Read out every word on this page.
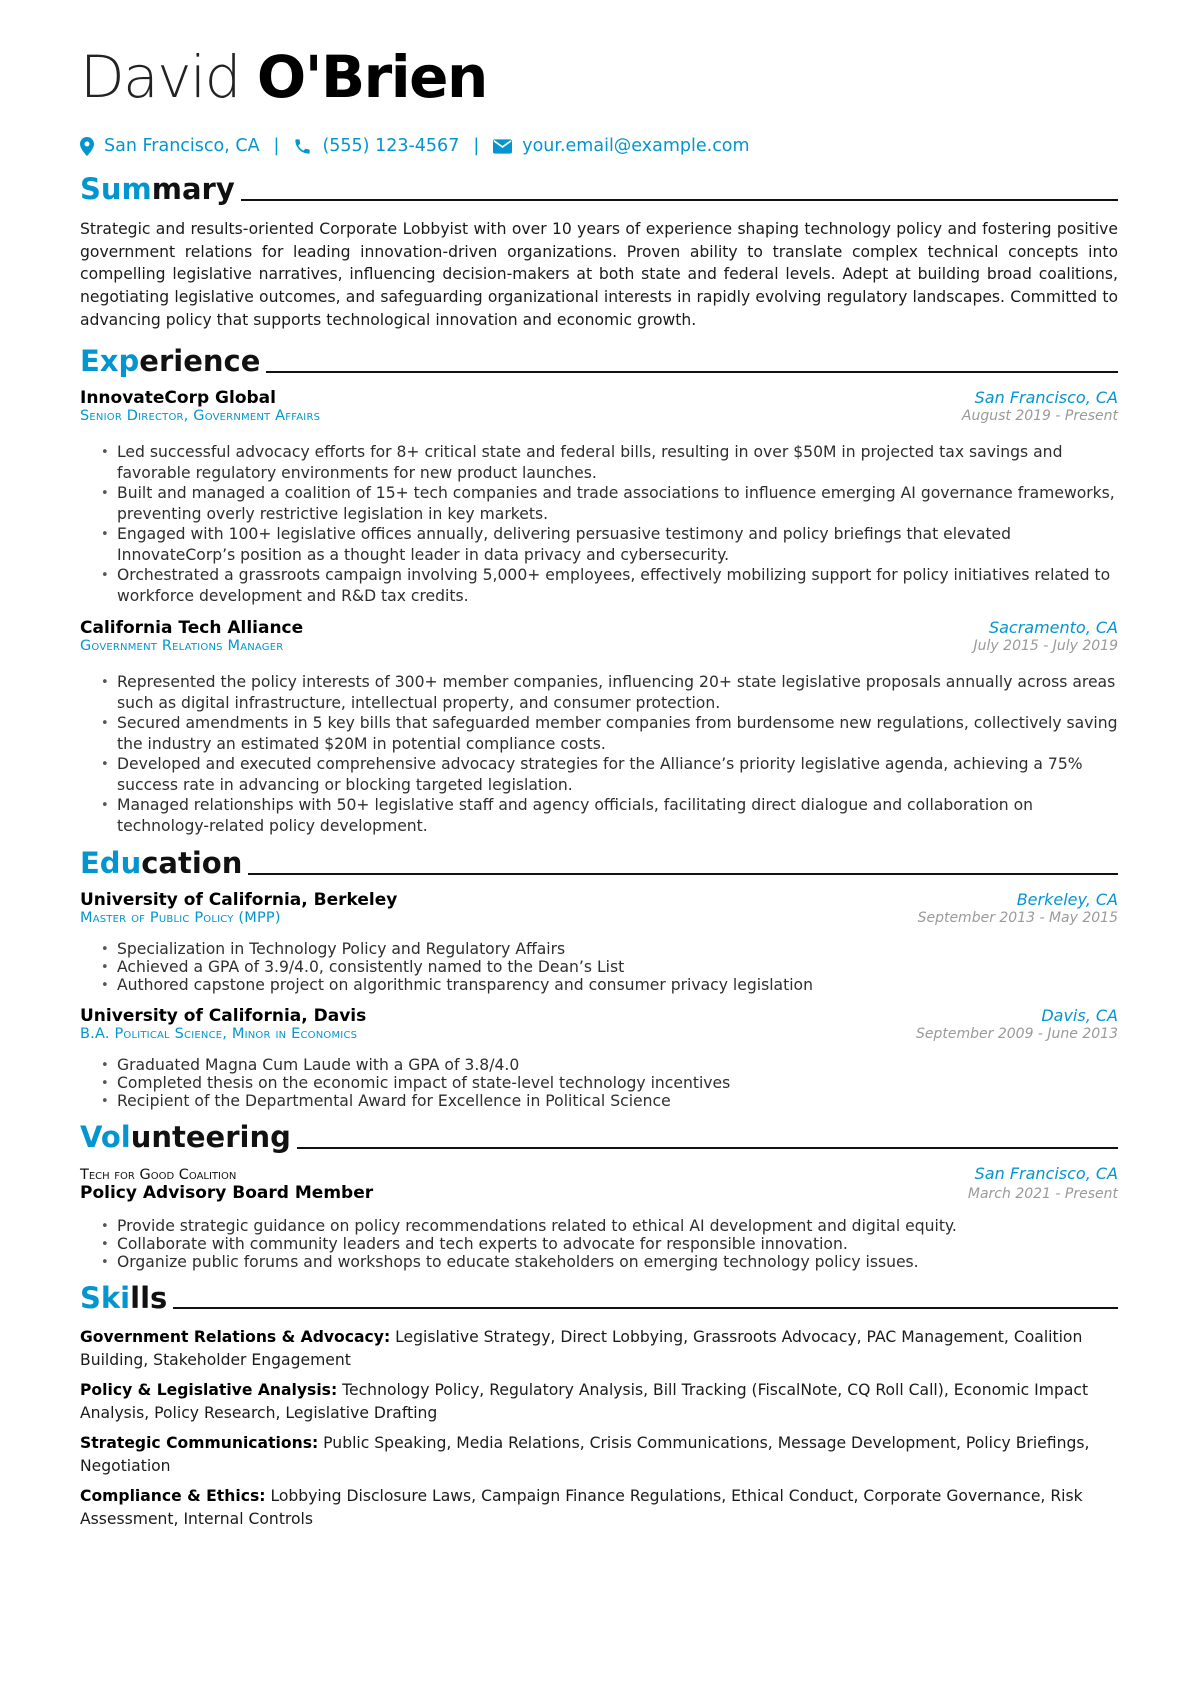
David O'Brien
San Francisco, CA | (555) 123-4567 | your.email@example.com
Summary

Strategic and results-oriented Corporate Lobbyist with over 10 years of experience shaping technology policy and fostering positive government relations for leading innovation-driven organizations. Proven ability to translate complex technical concepts into compelling legislative narratives, influencing decision-makers at both state and federal levels. Adept at building broad coalitions, negotiating legislative outcomes, and safeguarding organizational interests in rapidly evolving regulatory landscapes. Committed to advancing policy that supports technological innovation and economic growth.

Experience
InnovateCorp Global	San Francisco, CA
Senior Director, Government Affairs	August 2019 - Present
• Led successful advocacy efforts for 8+ critical state and federal bills, resulting in over $50M in projected tax savings and favorable regulatory environments for new product launches.
• Built and managed a coalition of 15+ tech companies and trade associations to influence emerging AI governance frameworks, preventing overly restrictive legislation in key markets.
• Engaged with 100+ legislative offices annually, delivering persuasive testimony and policy briefings that elevated InnovateCorp’s position as a thought leader in data privacy and cybersecurity.
• Orchestrated a grassroots campaign involving 5,000+ employees, effectively mobilizing support for policy initiatives related to workforce development and R&D tax credits.
California Tech Alliance	Sacramento, CA
Government Relations Manager	July 2015 - July 2019
• Represented the policy interests of 300+ member companies, influencing 20+ state legislative proposals annually across areas such as digital infrastructure, intellectual property, and consumer protection.
• Secured amendments in 5 key bills that safeguarded member companies from burdensome new regulations, collectively saving the industry an estimated $20M in potential compliance costs.
• Developed and executed comprehensive advocacy strategies for the Alliance’s priority legislative agenda, achieving a 75% success rate in advancing or blocking targeted legislation.
• Managed relationships with 50+ legislative staff and agency officials, facilitating direct dialogue and collaboration on technology-related policy development.
Education
University of California, Berkeley	Berkeley, CA
Master of Public Policy (MPP)	September 2013 - May 2015
• Specialization in Technology Policy and Regulatory Affairs
• Achieved a GPA of 3.9/4.0, consistently named to the Dean’s List
• Authored capstone project on algorithmic transparency and consumer privacy legislation
University of California, Davis	Davis, CA
B.A. Political Science, Minor in Economics	September 2009 - June 2013
• Graduated Magna Cum Laude with a GPA of 3.8/4.0
• Completed thesis on the economic impact of state-level technology incentives
• Recipient of the Departmental Award for Excellence in Political Science
Volunteering
Tech for Good Coalition	San Francisco, CA
Policy Advisory Board Member	March 2021 - Present
• Provide strategic guidance on policy recommendations related to ethical AI development and digital equity.
• Collaborate with community leaders and tech experts to advocate for responsible innovation.
• Organize public forums and workshops to educate stakeholders on emerging technology policy issues.
Skills
Government Relations & Advocacy: Legislative Strategy, Direct Lobbying, Grassroots Advocacy, PAC Management, Coalition Building, Stakeholder Engagement
Policy & Legislative Analysis: Technology Policy, Regulatory Analysis, Bill Tracking (FiscalNote, CQ Roll Call), Economic Impact Analysis, Policy Research, Legislative Drafting
Strategic Communications: Public Speaking, Media Relations, Crisis Communications, Message Development, Policy Briefings, Negotiation
Compliance & Ethics: Lobbying Disclosure Laws, Campaign Finance Regulations, Ethical Conduct, Corporate Governance, Risk Assessment, Internal Controls
